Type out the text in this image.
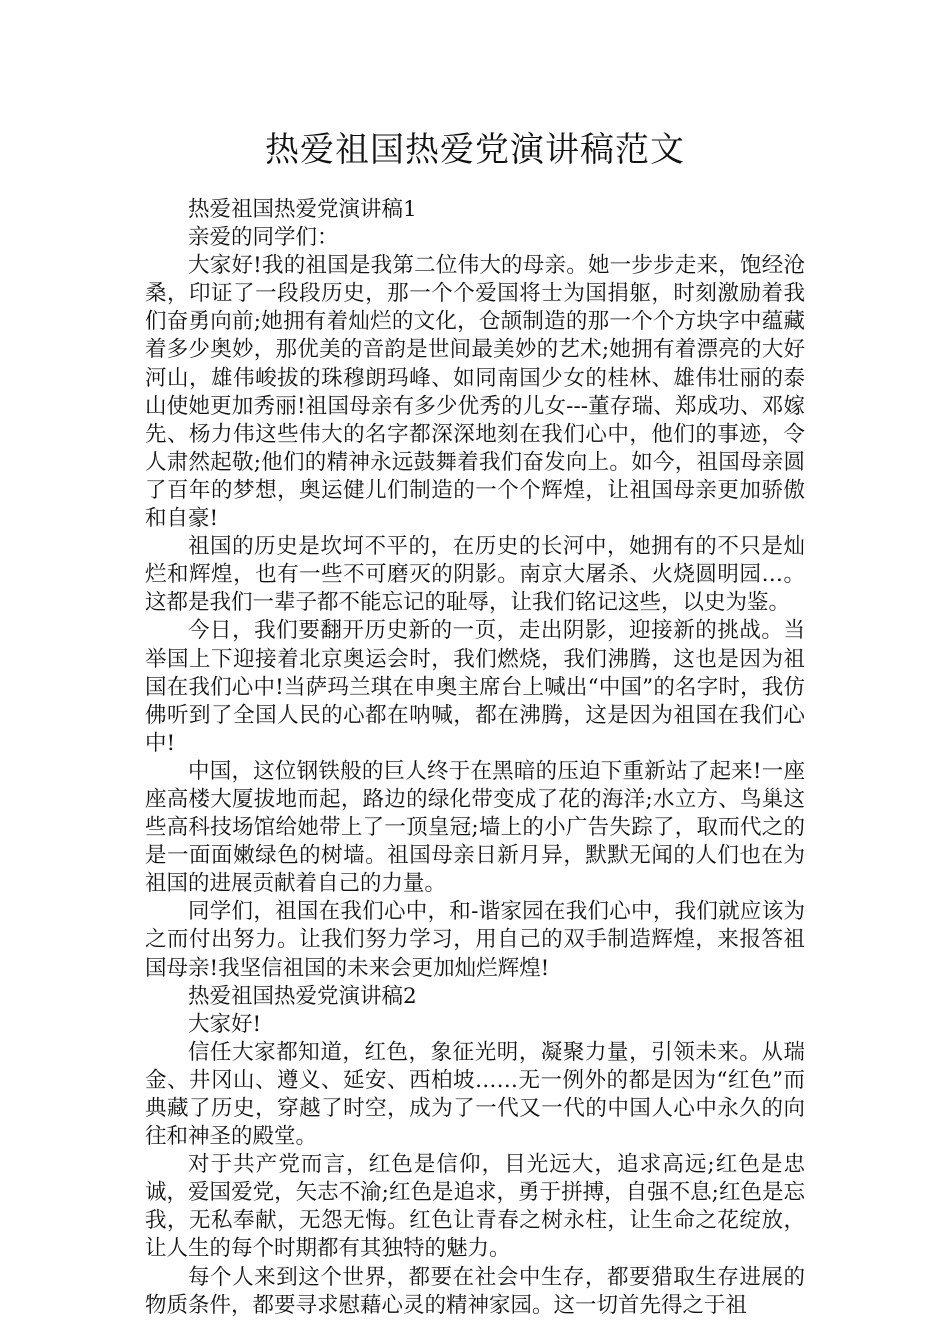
热爱祖国热爱党演讲稿范文

热爱祖国热爱党演讲稿1

亲爱的同学们：

大家好!我的祖国是我第二位伟大的母亲。她一步步走来，饱经沧桑，印证了一段段历史，那一个个爱国将士为国捐躯，时刻激励着我们奋勇向前;她拥有着灿烂的文化，仓颉制造的那一个个方块字中蕴藏着多少奥妙，那优美的音韵是世间最美妙的艺术;她拥有着漂亮的大好河山，雄伟峻拔的珠穆朗玛峰、如同南国少女的桂林、雄伟壮丽的泰山使她更加秀丽!祖国母亲有多少优秀的儿女---董存瑞、郑成功、邓嫁先、杨力伟这些伟大的名字都深深地刻在我们心中，他们的事迹，令人肃然起敬;他们的精神永远鼓舞着我们奋发向上。如今，祖国母亲圆了百年的梦想，奥运健儿们制造的一个个辉煌，让祖国母亲更加骄傲和自豪!

祖国的历史是坎坷不平的，在历史的长河中，她拥有的不只是灿烂和辉煌，也有一些不可磨灭的阴影。南京大屠杀、火烧圆明园…。这都是我们一辈子都不能忘记的耻辱，让我们铭记这些，以史为鉴。

今日，我们要翻开历史新的一页，走出阴影，迎接新的挑战。当举国上下迎接着北京奥运会时，我们燃烧，我们沸腾，这也是因为祖国在我们心中!当萨玛兰琪在申奥主席台上喊出“中国”的名字时，我仿佛听到了全国人民的心都在呐喊，都在沸腾，这是因为祖国在我们心中!

中国，这位钢铁般的巨人终于在黑暗的压迫下重新站了起来!一座座高楼大厦拔地而起，路边的绿化带变成了花的海洋;水立方、鸟巢这些高科技场馆给她带上了一顶皇冠;墙上的小广告失踪了，取而代之的是一面面嫩绿色的树墙。祖国母亲日新月异，默默无闻的人们也在为祖国的进展贡献着自己的力量。

同学们，祖国在我们心中，和-谐家园在我们心中，我们就应该为之而付出努力。让我们努力学习，用自己的双手制造辉煌，来报答祖国母亲!我坚信祖国的未来会更加灿烂辉煌!

热爱祖国热爱党演讲稿2

大家好!

信任大家都知道，红色，象征光明，凝聚力量，引领未来。从瑞金、井冈山、遵义、延安、西柏坡……无一例外的都是因为“红色”而典藏了历史，穿越了时空，成为了一代又一代的中国人心中永久的向往和神圣的殿堂。

对于共产党而言，红色是信仰，目光远大，追求高远;红色是忠诚，爱国爱党，矢志不渝;红色是追求，勇于拼搏，自强不息;红色是忘我，无私奉献，无怨无悔。红色让青春之树永柱，让生命之花绽放，让人生的每个时期都有其独特的魅力。

每个人来到这个世界，都要在社会中生存，都要猎取生存进展的物质条件，都要寻求慰藉心灵的精神家园。这一切首先得之于祖
